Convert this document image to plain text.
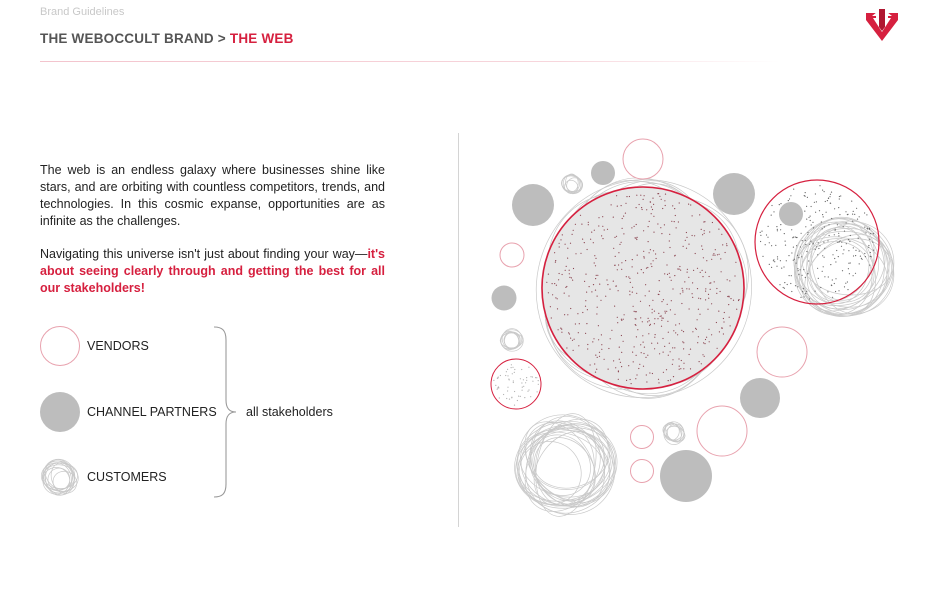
Brand Guidelines
THE WEBOCCULT BRAND > THE WEB

The web is an endless galaxy where businesses shine like stars, and are orbiting with countless competitors, trends, and technologies. In this cosmic expanse, opportunities are as infinite as the challenges.

Navigating this universe isn't just about finding your way—it's about seeing clearly through and getting the best for all our stakeholders!

VENDORS
CHANNEL PARTNERS
CUSTOMERS
all stakeholders
